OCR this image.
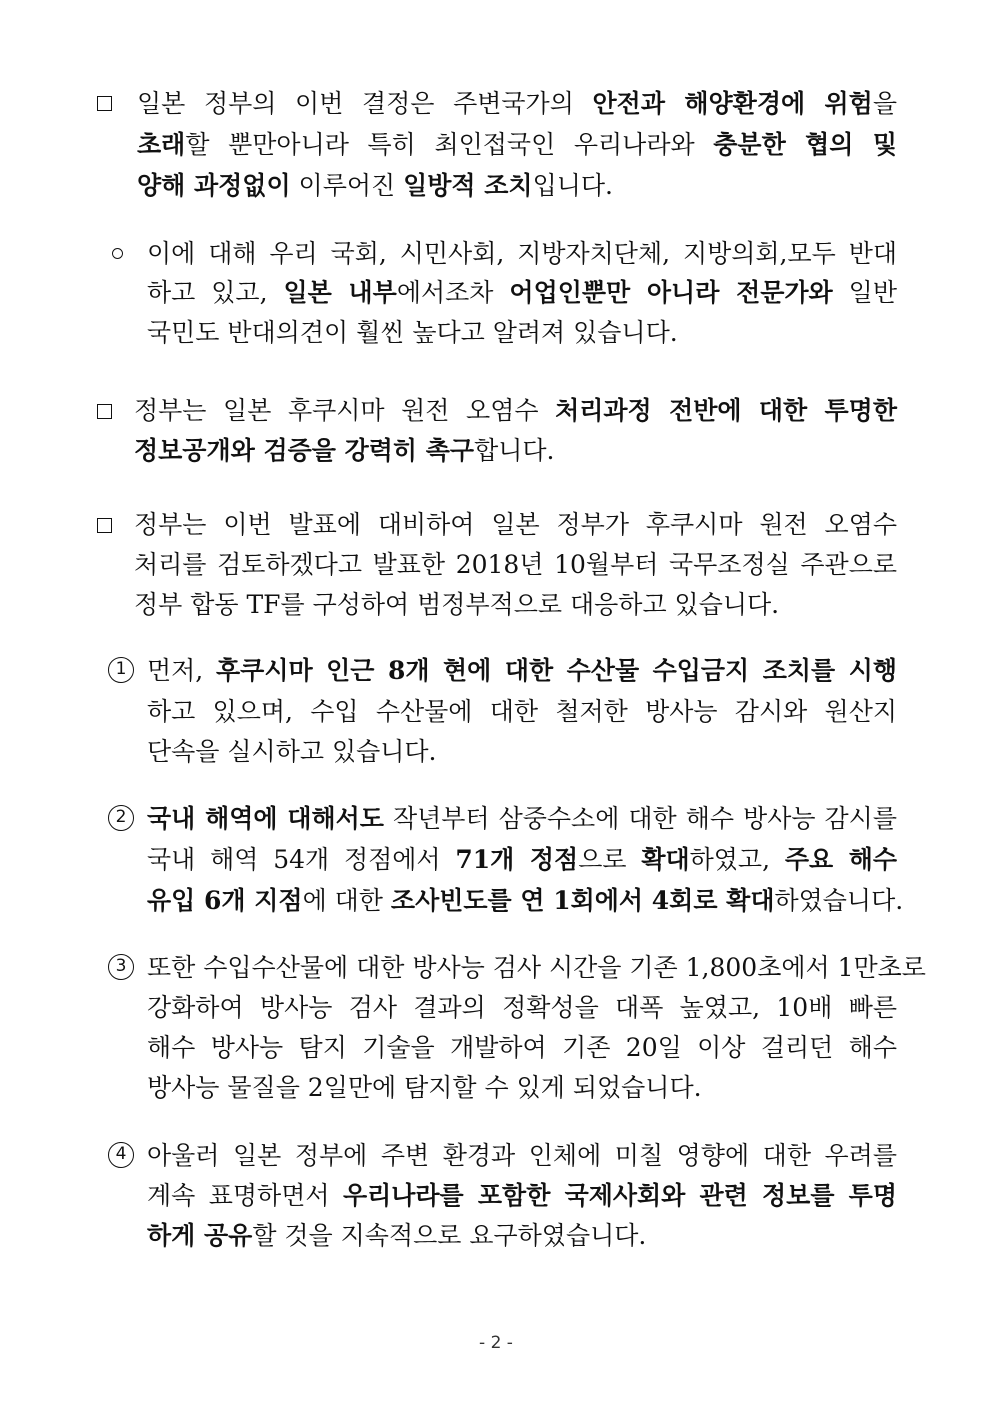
일본 정부의 이번 결정은 주변국가의 안전과 해양환경에 위험을
초래할 뿐만아니라 특히 최인접국인 우리나라와 충분한 협의 및
양해 과정없이 이루어진 일방적 조치입니다.
이에 대해 우리 국회, 시민사회, 지방자치단체, 지방의회,모두 반대
하고 있고, 일본 내부에서조차 어업인뿐만 아니라 전문가와 일반
국민도 반대의견이 훨씬 높다고 알려져 있습니다.
정부는 일본 후쿠시마 원전 오염수 처리과정 전반에 대한 투명한
정보공개와 검증을 강력히 촉구합니다.
정부는 이번 발표에 대비하여 일본 정부가 후쿠시마 원전 오염수
처리를 검토하겠다고 발표한 2018년 10월부터 국무조정실 주관으로
정부 합동 TF를 구성하여 범정부적으로 대응하고 있습니다.
1 먼저, 후쿠시마 인근 8개 현에 대한 수산물 수입금지 조치를 시행
하고 있으며, 수입 수산물에 대한 철저한 방사능 감시와 원산지
단속을 실시하고 있습니다.
2 국내 해역에 대해서도 작년부터 삼중수소에 대한 해수 방사능 감시를
국내 해역 54개 정점에서 71개 정점으로 확대하였고, 주요 해수
유입 6개 지점에 대한 조사빈도를 연 1회에서 4회로 확대하였습니다.
3 또한 수입수산물에 대한 방사능 검사 시간을 기존 1,800초에서 1만초로
강화하여 방사능 검사 결과의 정확성을 대폭 높였고, 10배 빠른
해수 방사능 탐지 기술을 개발하여 기존 20일 이상 걸리던 해수
방사능 물질을 2일만에 탐지할 수 있게 되었습니다.
4 아울러 일본 정부에 주변 환경과 인체에 미칠 영향에 대한 우려를
계속 표명하면서 우리나라를 포함한 국제사회와 관련 정보를 투명
하게 공유할 것을 지속적으로 요구하였습니다.
- 2 -
